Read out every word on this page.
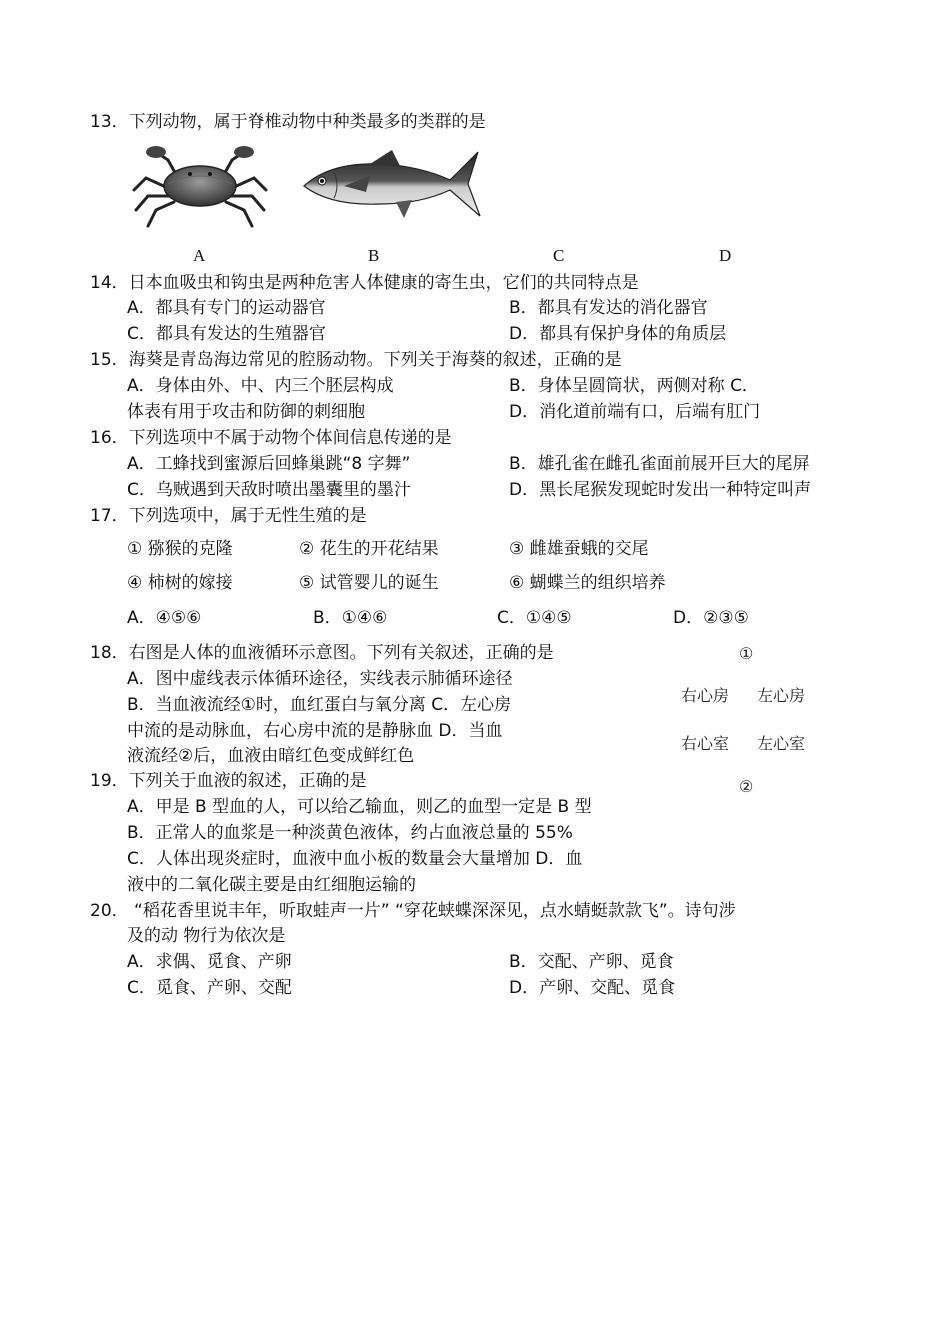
13．下列动物，属于脊椎动物中种类最多的类群的是
A	B	C	D
14．日本血吸虫和钩虫是两种危害人体健康的寄生虫，它们的共同特点是
A．都具有专门的运动器官	B．都具有发达的消化器官
C．都具有发达的生殖器官	D．都具有保护身体的角质层
15．海葵是青岛海边常见的腔肠动物。下列关于海葵的叙述，正确的是
A．身体由外、中、内三个胚层构成	B．身体呈圆筒状，两侧对称 C．
体表有用于攻击和防御的刺细胞	D．消化道前端有口，后端有肛门
16．下列选项中不属于动物个体间信息传递的是
A．工蜂找到蜜源后回蜂巢跳“8 字舞”	B．雄孔雀在雌孔雀面前展开巨大的尾屏
C．乌贼遇到天敌时喷出墨囊里的墨汁	D．黑长尾猴发现蛇时发出一种特定叫声
17．下列选项中，属于无性生殖的是
① 猕猴的克隆	② 花生的开花结果	③ 雌雄蚕蛾的交尾
④ 柿树的嫁接	⑤ 试管婴儿的诞生	⑥ 蝴蝶兰的组织培养
A．④⑤⑥	B．①④⑥	C．①④⑤	D．②③⑤
18．右图是人体的血液循环示意图。下列有关叙述，正确的是
A．图中虚线表示体循环途径，实线表示肺循环途径
B．当血液流经①时，血红蛋白与氧分离 C．左心房
中流的是动脉血，右心房中流的是静脉血 D．当血
液流经②后，血液由暗红色变成鲜红色
①
右心房 左心房
右心室 左心室
②
19．下列关于血液的叙述，正确的是
A．甲是 B 型血的人，可以给乙输血，则乙的血型一定是 B 型
B．正常人的血浆是一种淡黄色液体，约占血液总量的 55%
C．人体出现炎症时，血液中血小板的数量会大量增加 D．血
液中的二氧化碳主要是由红细胞运输的
20． “稻花香里说丰年，听取蛙声一片” “穿花蛱蝶深深见，点水蜻蜓款款飞”。诗句涉
及的动 物行为依次是
A．求偶、觅食、产卵	B．交配、产卵、觅食
C．觅食、产卵、交配	D．产卵、交配、觅食
